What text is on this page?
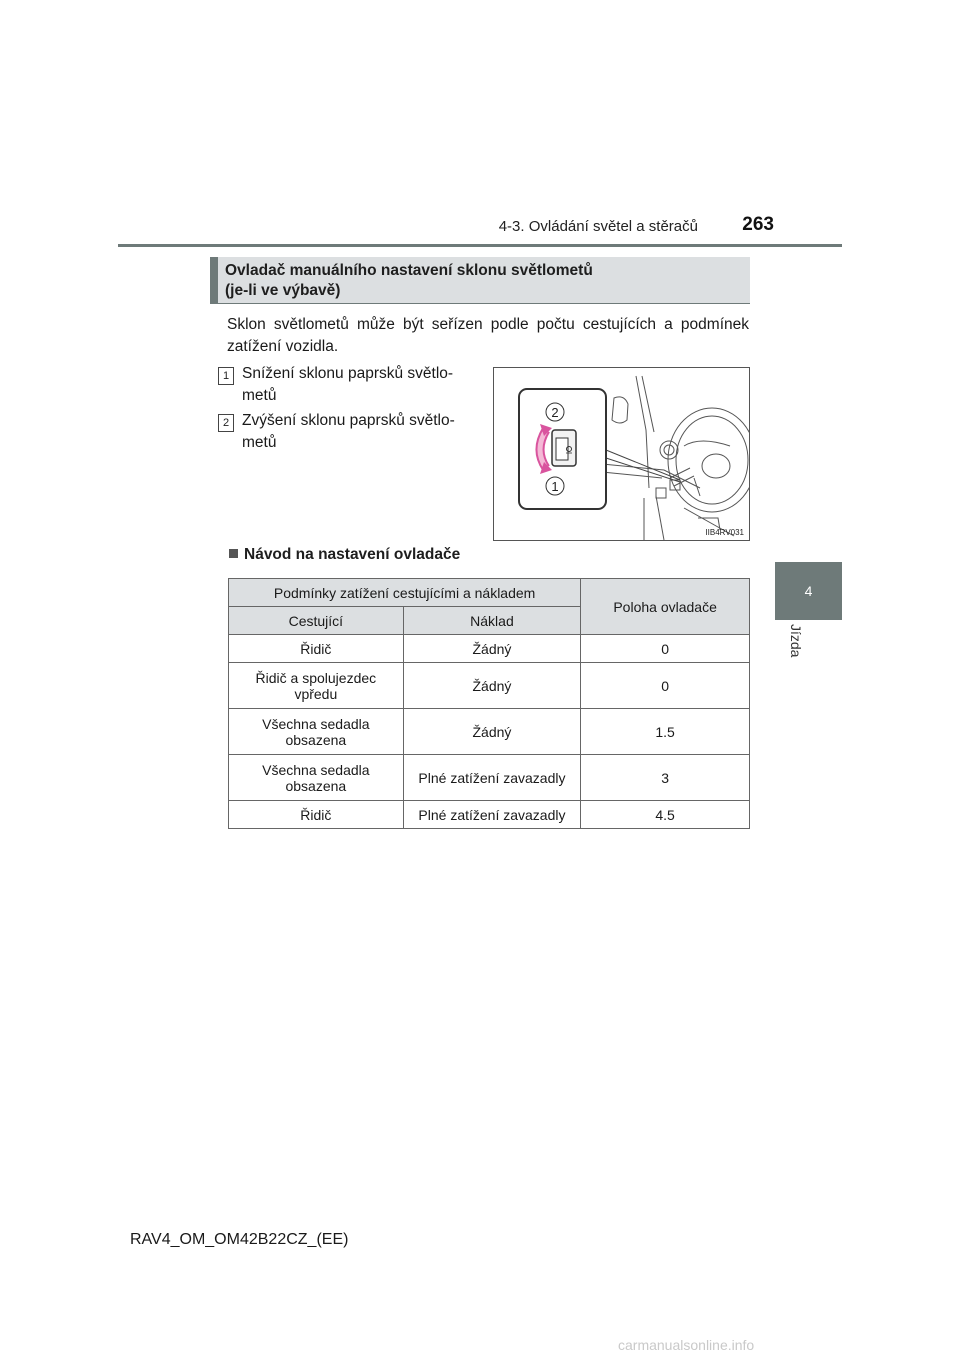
4-3. Ovládání světel a stěračů	263
4
Jízda
Ovladač manuálního nastavení sklonu světlometů
(je-li ve výbavě)
Sklon světlometů může být seřízen podle počtu cestujících a podmínek zatížení vozidla.
1 Snížení sklonu paprsků světlo-
metů
2 Zvýšení sklonu paprsků světlo-
metů
2
1
IIB4RV031
Návod na nastavení ovladače
Podmínky zatížení cestujícími a nákladem		Poloha ovladače
Cestující	Náklad	

Řidič	Žádný	0

Řidič a spolujezdec
vpředu	Žádný	0

Všechna sedadla
obsazena	Žádný	1.5

Všechna sedadla
obsazena	Plné zatížení zavazadly	3

Řidič	Plné zatížení zavazadly	4.5
RAV4_OM_OM42B22CZ_(EE)
carmanualsonline.info
